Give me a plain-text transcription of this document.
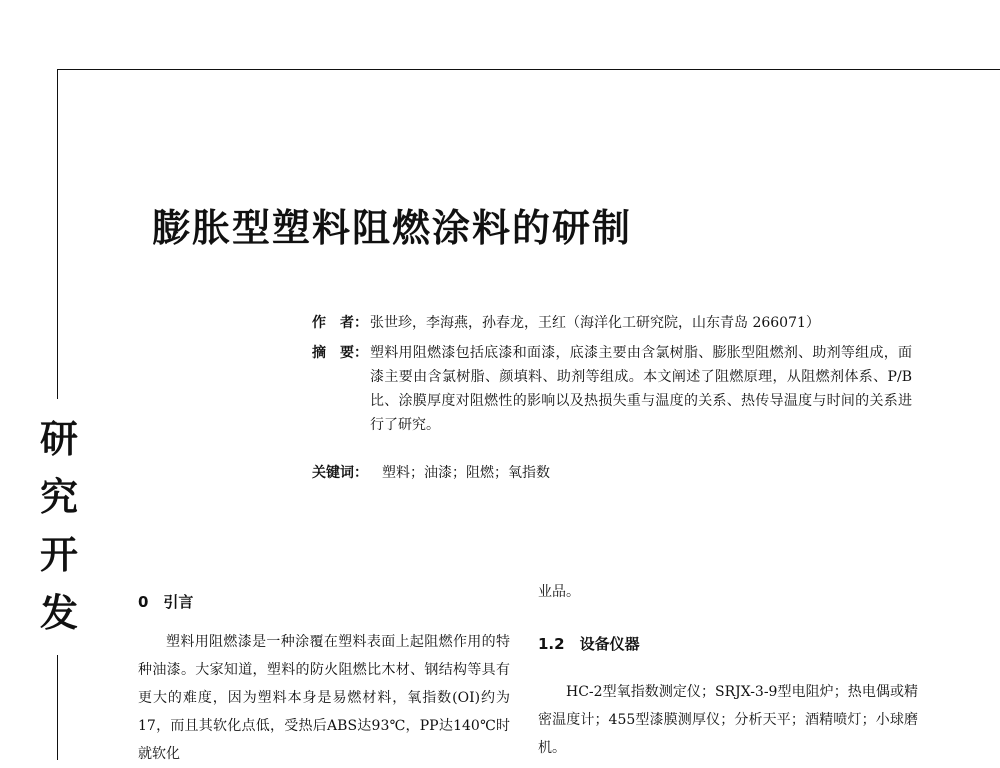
研
究
开
发
膨胀型塑料阻燃涂料的研制
作　者： 张世珍，李海燕，孙春龙，王红（海洋化工研究院，山东青岛 266071）
摘　要： 塑料用阻燃漆包括底漆和面漆，底漆主要由含氯树脂、膨胀型阻燃剂、助剂等组成，面漆主要由含氯树脂、颜填料、助剂等组成。本文阐述了阻燃原理，从阻燃剂体系、P/B比、涂膜厚度对阻燃性的影响以及热损失重与温度的关系、热传导温度与时间的关系进行了研究。
关键词：	塑料；油漆；阻燃；氧指数

0　引言

塑料用阻燃漆是一种涂覆在塑料表面上起阻燃作用的特种油漆。大家知道，塑料的防火阻燃比木材、钢结构等具有更大的难度，因为塑料本身是易燃材料，氧指数(OI)约为17，而且其软化点低，受热后ABS达93℃，PP达140℃时就软化

业品。

1.2　设备仪器

HC-2型氧指数测定仪；SRJX-3-9型电阻炉；热电偶或精密温度计；455型漆膜测厚仪；分析天平；酒精喷灯；小球磨机。
